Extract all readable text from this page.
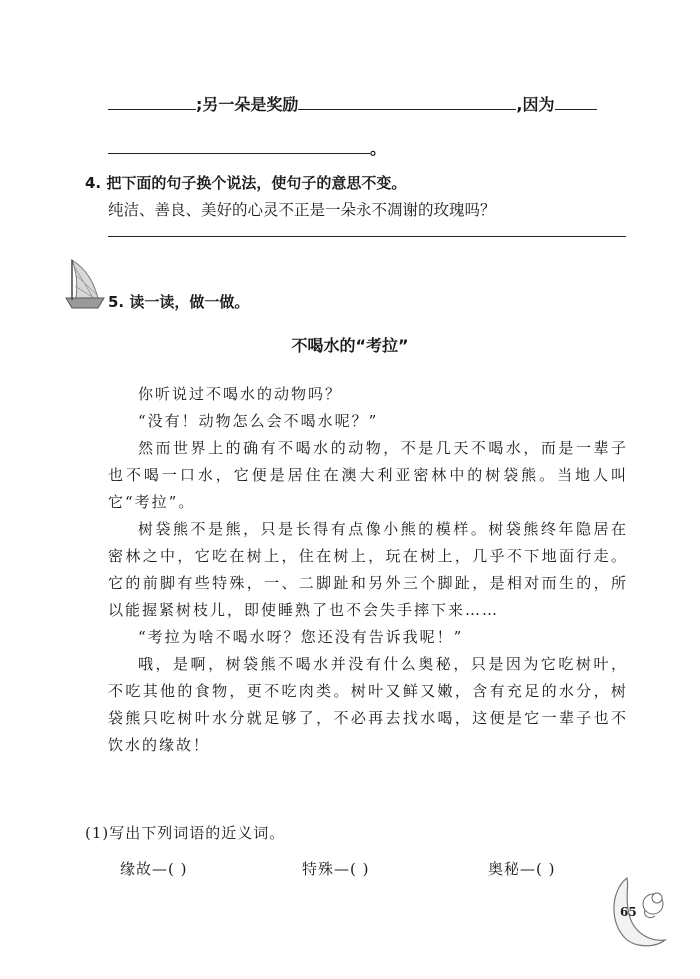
;另一朵是奖励	,因为
。
4. 把下面的句子换个说法，使句子的意思不变。
纯洁、善良、美好的心灵不正是一朵永不凋谢的玫瑰吗？
5. 读一读，做一做。
不喝水的“考拉”

你听说过不喝水的动物吗？

“没有！动物怎么会不喝水呢？”

然而世界上的确有不喝水的动物，不是几天不喝水，而是一辈子也不喝一口水，它便是居住在澳大利亚密林中的树袋熊。当地人叫它“考拉”。

树袋熊不是熊，只是长得有点像小熊的模样。树袋熊终年隐居在密林之中，它吃在树上，住在树上，玩在树上，几乎不下地面行走。它的前脚有些特殊，一、二脚趾和另外三个脚趾，是相对而生的，所以能握紧树枝儿，即使睡熟了也不会失手摔下来……

“考拉为啥不喝水呀？您还没有告诉我呢！”

哦，是啊，树袋熊不喝水并没有什么奥秘，只是因为它吃树叶，不吃其他的食物，更不吃肉类。树叶又鲜又嫩，含有充足的水分，树袋熊只吃树叶水分就足够了，不必再去找水喝，这便是它一辈子也不饮水的缘故！

(1)写出下列词语的近义词。
缘故—( )	特殊—( )	奥秘—( )
65
